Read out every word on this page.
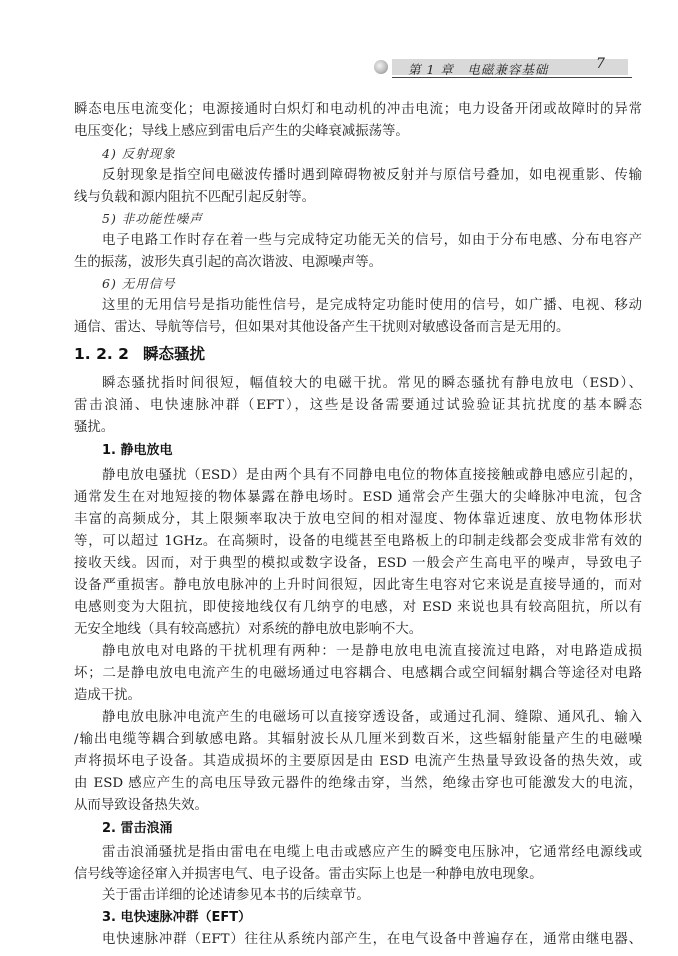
第 1 章　电磁兼容基础	7
瞬态电压电流变化；电源接通时白炽灯和电动机的冲击电流；电力设备开闭或故障时的异常
电压变化；导线上感应到雷电后产生的尖峰衰减振荡等。
4) 反射现象
反射现象是指空间电磁波传播时遇到障碍物被反射并与原信号叠加，如电视重影、传输
线与负载和源内阻抗不匹配引起反射等。
5) 非功能性噪声
电子电路工作时存在着一些与完成特定功能无关的信号，如由于分布电感、分布电容产
生的振荡，波形失真引起的高次谐波、电源噪声等。
6) 无用信号
这里的无用信号是指功能性信号，是完成特定功能时使用的信号，如广播、电视、移动
通信、雷达、导航等信号，但如果对其他设备产生干扰则对敏感设备而言是无用的。
1. 2. 2 瞬态骚扰
瞬态骚扰指时间很短，幅值较大的电磁干扰。常见的瞬态骚扰有静电放电（ESD）、
雷击浪涌、电快速脉冲群（EFT），这些是设备需要通过试验验证其抗扰度的基本瞬态
骚扰。
1. 静电放电
静电放电骚扰（ESD）是由两个具有不同静电电位的物体直接接触或静电感应引起的，
通常发生在对地短接的物体暴露在静电场时。ESD 通常会产生强大的尖峰脉冲电流，包含
丰富的高频成分，其上限频率取决于放电空间的相对湿度、物体靠近速度、放电物体形状
等，可以超过 1GHz。在高频时，设备的电缆甚至电路板上的印制走线都会变成非常有效的
接收天线。因而，对于典型的模拟或数字设备，ESD 一般会产生高电平的噪声，导致电子
设备严重损害。静电放电脉冲的上升时间很短，因此寄生电容对它来说是直接导通的，而对
电感则变为大阻抗，即使接地线仅有几纳亨的电感，对 ESD 来说也具有较高阻抗，所以有
无安全地线（具有较高感抗）对系统的静电放电影响不大。
静电放电对电路的干扰机理有两种：一是静电放电电流直接流过电路，对电路造成损
坏；二是静电放电电流产生的电磁场通过电容耦合、电感耦合或空间辐射耦合等途径对电路
造成干扰。
静电放电脉冲电流产生的电磁场可以直接穿透设备，或通过孔洞、缝隙、通风孔、输入
/输出电缆等耦合到敏感电路。其辐射波长从几厘米到数百米，这些辐射能量产生的电磁噪
声将损坏电子设备。其造成损坏的主要原因是由 ESD 电流产生热量导致设备的热失效，或
由 ESD 感应产生的高电压导致元器件的绝缘击穿，当然，绝缘击穿也可能激发大的电流，
从而导致设备热失效。
2. 雷击浪涌
雷击浪涌骚扰是指由雷电在电缆上电击或感应产生的瞬变电压脉冲，它通常经电源线或
信号线等途径窜入并损害电气、电子设备。雷击实际上也是一种静电放电现象。
关于雷击详细的论述请参见本书的后续章节。
3. 电快速脉冲群（EFT）
电快速脉冲群（EFT）往往从系统内部产生，在电气设备中普遍存在，通常由继电器、
